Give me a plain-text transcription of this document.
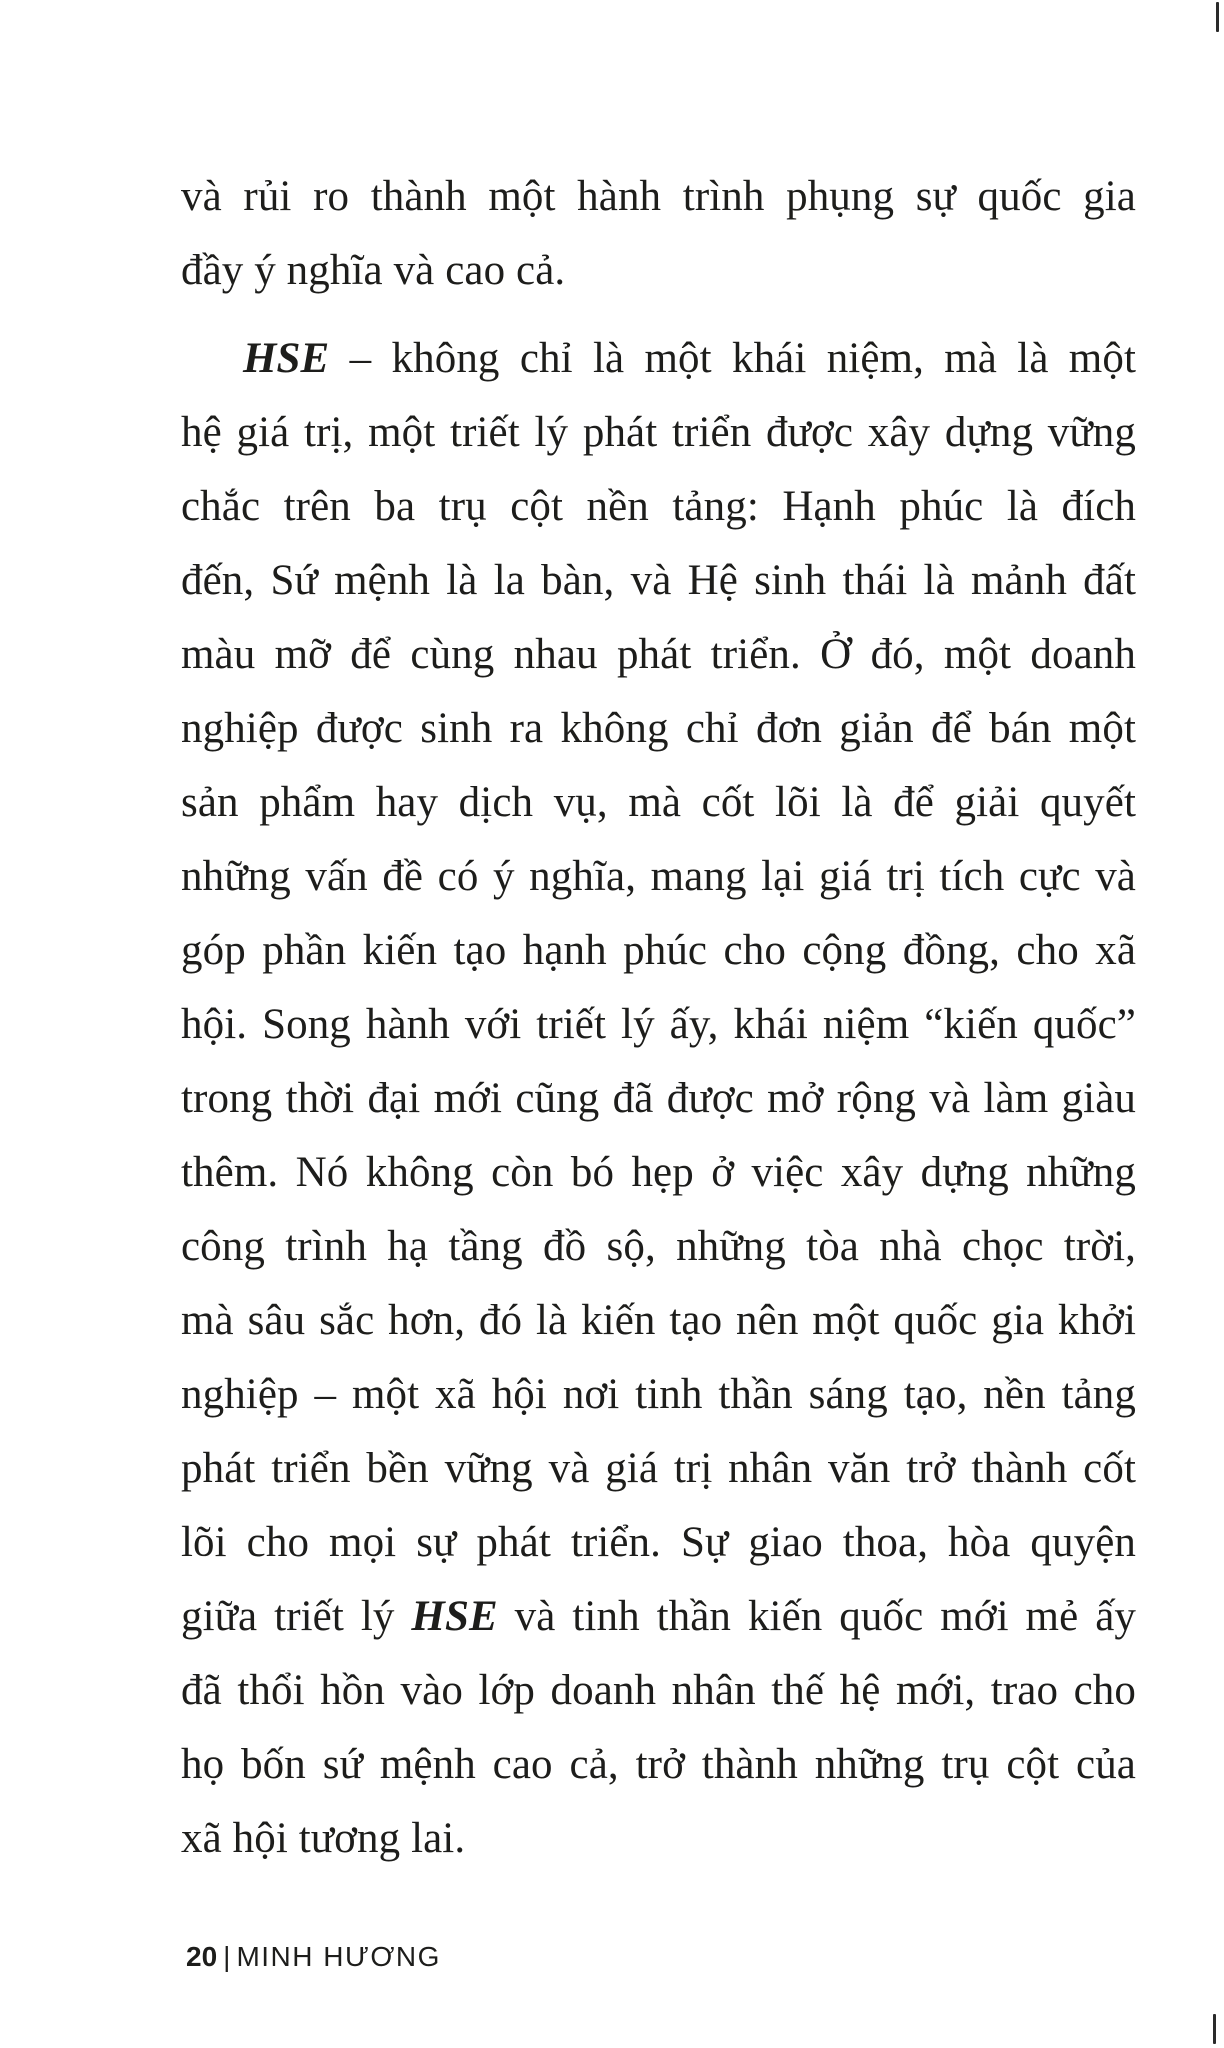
và rủi ro thành một hành trình phụng sự quốc gia

đầy ý nghĩa và cao cả.

HSE – không chỉ là một khái niệm, mà là một

hệ giá trị, một triết lý phát triển được xây dựng vững

chắc trên ba trụ cột nền tảng: Hạnh phúc là đích

đến, Sứ mệnh là la bàn, và Hệ sinh thái là mảnh đất

màu mỡ để cùng nhau phát triển. Ở đó, một doanh

nghiệp được sinh ra không chỉ đơn giản để bán một

sản phẩm hay dịch vụ, mà cốt lõi là để giải quyết

những vấn đề có ý nghĩa, mang lại giá trị tích cực và

góp phần kiến tạo hạnh phúc cho cộng đồng, cho xã

hội. Song hành với triết lý ấy, khái niệm “kiến quốc”

trong thời đại mới cũng đã được mở rộng và làm giàu

thêm. Nó không còn bó hẹp ở việc xây dựng những

công trình hạ tầng đồ sộ, những tòa nhà chọc trời,

mà sâu sắc hơn, đó là kiến tạo nên một quốc gia khởi

nghiệp – một xã hội nơi tinh thần sáng tạo, nền tảng

phát triển bền vững và giá trị nhân văn trở thành cốt

lõi cho mọi sự phát triển. Sự giao thoa, hòa quyện

giữa triết lý HSE và tinh thần kiến quốc mới mẻ ấy

đã thổi hồn vào lớp doanh nhân thế hệ mới, trao cho

họ bốn sứ mệnh cao cả, trở thành những trụ cột của

xã hội tương lai.

20 | MINH HƯƠNG
